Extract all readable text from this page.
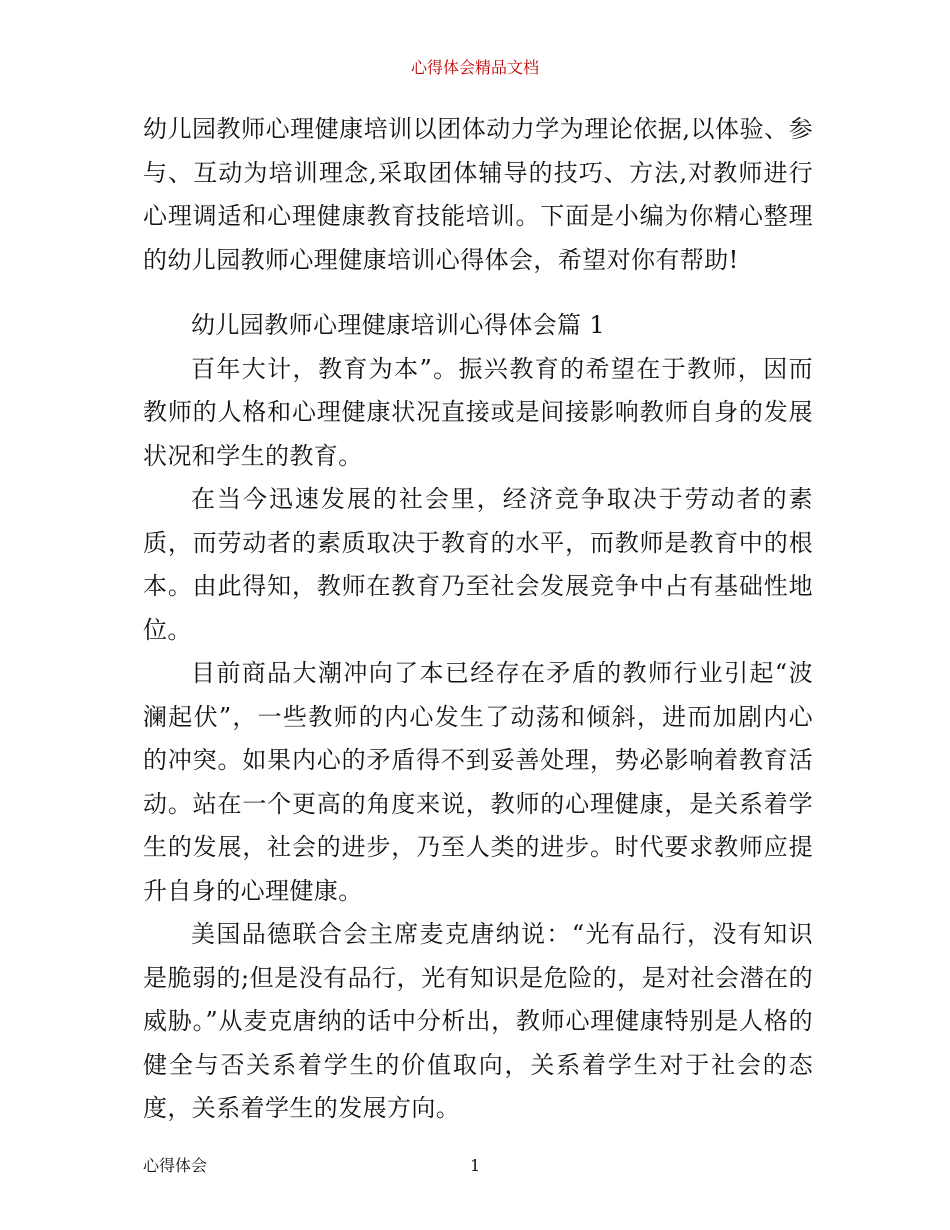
心得体会精品文档

幼儿园教师心理健康培训以团体动力学为理论依据,以体验、参与、互动为培训理念,采取团体辅导的技巧、方法,对教师进行心理调适和心理健康教育技能培训。下面是小编为你精心整理的幼儿园教师心理健康培训心得体会，希望对你有帮助!

幼儿园教师心理健康培训心得体会篇 1

百年大计，教育为本”。振兴教育的希望在于教师，因而教师的人格和心理健康状况直接或是间接影响教师自身的发展状况和学生的教育。

在当今迅速发展的社会里，经济竞争取决于劳动者的素质，而劳动者的素质取决于教育的水平，而教师是教育中的根本。由此得知，教师在教育乃至社会发展竞争中占有基础性地位。

目前商品大潮冲向了本已经存在矛盾的教师行业引起“波澜起伏”，一些教师的内心发生了动荡和倾斜，进而加剧内心的冲突。如果内心的矛盾得不到妥善处理，势必影响着教育活动。站在一个更高的角度来说，教师的心理健康，是关系着学生的发展，社会的进步，乃至人类的进步。时代要求教师应提升自身的心理健康。

美国品德联合会主席麦克唐纳说：“光有品行，没有知识是脆弱的;但是没有品行，光有知识是危险的，是对社会潜在的威胁。”从麦克唐纳的话中分析出，教师心理健康特别是人格的健全与否关系着学生的价值取向，关系着学生对于社会的态度，关系着学生的发展方向。

心得体会	1
